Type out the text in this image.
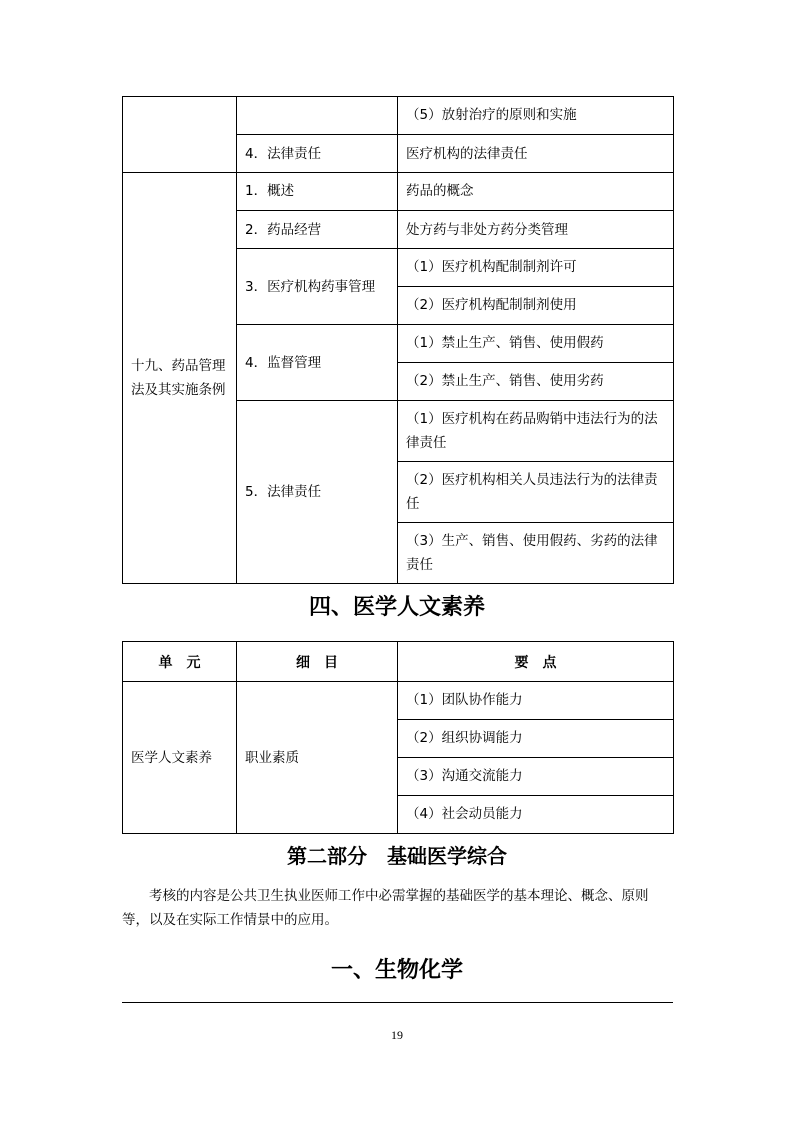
		（5）放射治疗的原则和实施
	4．法律责任	医疗机构的法律责任
十九、药品管理法及其实施条例	1．概述	药品的概念
	2．药品经营	处方药与非处方药分类管理
	3．医疗机构药事管理	（1）医疗机构配制制剂许可
		（2）医疗机构配制制剂使用
	4．监督管理	（1）禁止生产、销售、使用假药
		（2）禁止生产、销售、使用劣药
	5．法律责任	（1）医疗机构在药品购销中违法行为的法律责任
		（2）医疗机构相关人员违法行为的法律责任
		（3）生产、销售、使用假药、劣药的法律责任
四、医学人文素养
单　元	细　目	要　点
医学人文素养	职业素质	（1）团队协作能力
		（2）组织协调能力
		（3）沟通交流能力
		（4）社会动员能力
第二部分　基础医学综合

考核的内容是公共卫生执业医师工作中必需掌握的基础医学的基本理论、概念、原则等，以及在实际工作情景中的应用。

一、生物化学
19
